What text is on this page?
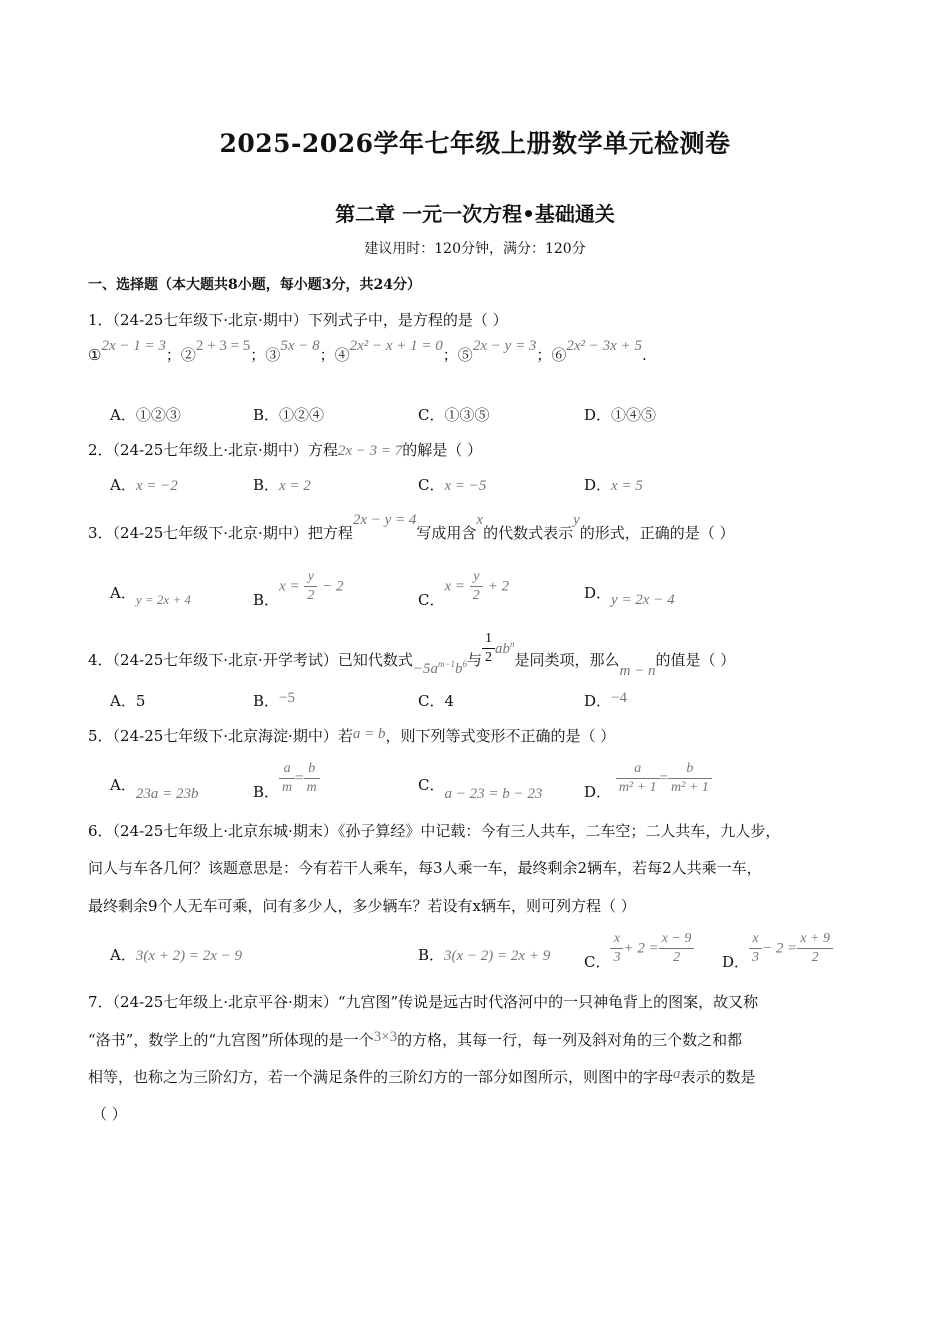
2025-2026学年七年级上册数学单元检测卷
第二章 一元一次方程•基础通关
建议用时：120分钟，满分：120分
一、选择题（本大题共8小题，每小题3分，共24分）
1．（24-25七年级下·北京·期中）下列式子中，是方程的是（ ）
①2x − 1 = 3；②2 + 3 = 5；③5x − 8；④2x² − x + 1 = 0；⑤2x − y = 3；⑥2x² − 3x + 5.
A．①②③	B．①②④	C．①③⑤	D．①④⑤
2．（24-25七年级上·北京·期中）方程2x − 3 = 7的解是（ ）
A．x = −2	B．x = 2	C．x = −5	D．x = 5
3．（24-25七年级下·北京·期中）把方程2x − y = 4写成用含x的代数式表示y的形式，正确的是（ ）
A．y = 2x + 4	B．$x = \frac{y}{2} - 2$
C．$x = \frac{y}{2} + 2$	D．y = 2x − 4
4．（24-25七年级下·北京·开学考试）已知代数式$-5a^{m-1}b^6$与 $\frac{1}{2} ab^n$是同类项，那么m − n的值是（ ）
A．5	B．−5	C．4	D．−4
5．（24-25七年级下·北京海淀·期中）若a = b，则下列等式变形不正确的是（ ）
A．23a = 23b	B． $\frac{a}{m} = \frac{b}{m}$	C．a − 23 = b − 23	D． $\frac{a}{\text{m² + 1}} = \frac{b}{\text{m² + 1}}$
6．（24-25七年级上·北京东城·期末）《孙子算经》中记载：今有三人共车，二车空；二人共车，九人步，
问人与车各几何？该题意思是：今有若干人乘车，每3人乘一车，最终剩余2辆车，若每2人共乘一车，
最终剩余9个人无车可乘，问有多少人，多少辆车？若设有x辆车，则可列方程（ ）
A．3(x + 2) = 2x − 9	B．3(x − 2) = 2x + 9 C． $\frac{x}{3} + 2 = \frac{x - 9}{2}$ D． $\frac{x}{3} - 2 = \frac{x + 9}{2}$
7．（24-25七年级上·北京平谷·期末）“九宫图”传说是远古时代洛河中的一只神龟背上的图案，故又称
“洛书”，数学上的“九宫图”所体现的是一个3×3的方格，其每一行，每一列及斜对角的三个数之和都
相等，也称之为三阶幻方，若一个满足条件的三阶幻方的一部分如图所示，则图中的字母a表示的数是
（ ）
